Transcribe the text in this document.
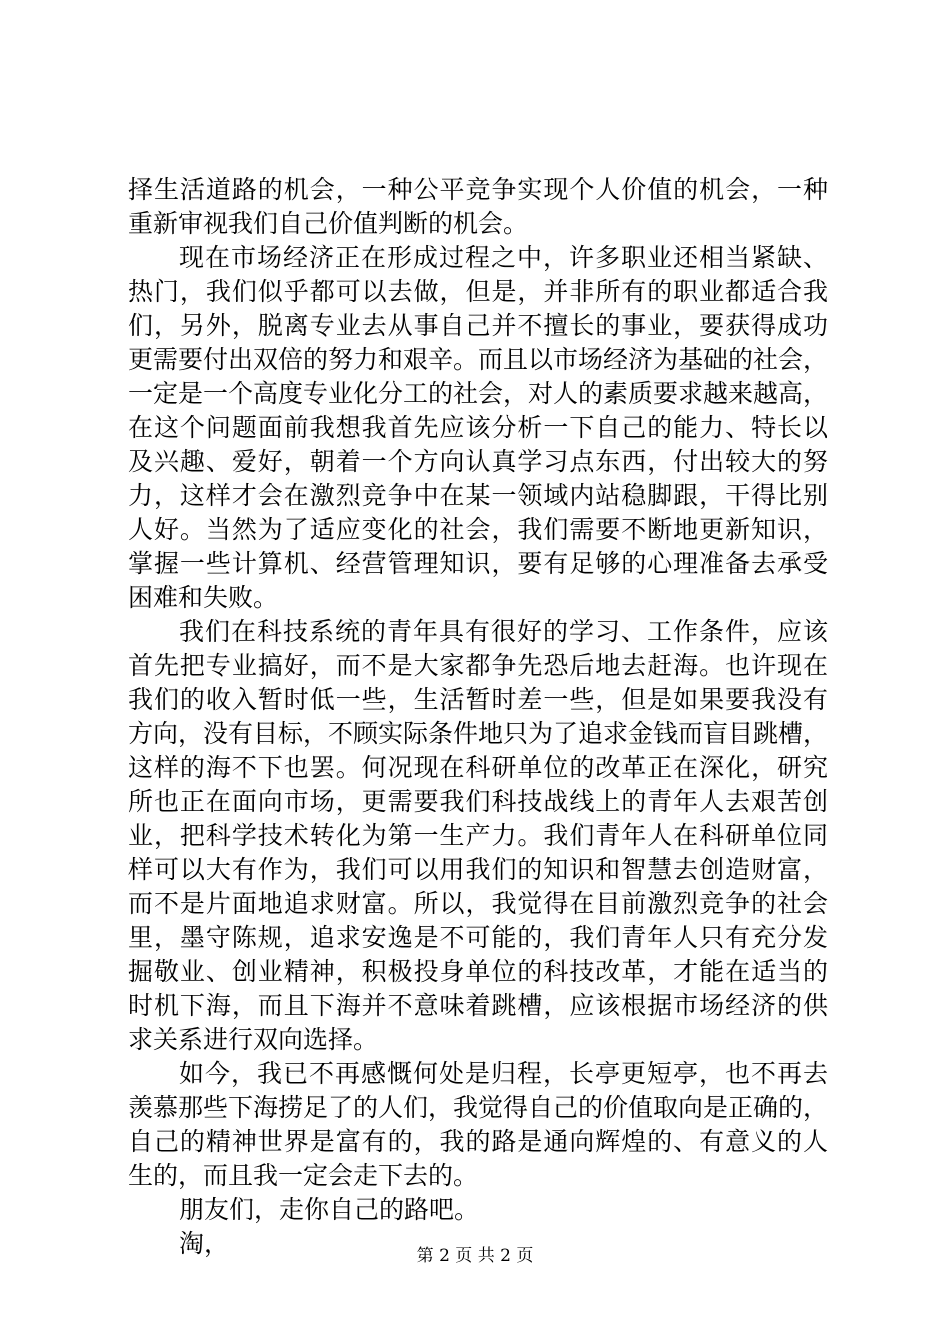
择生活道路的机会，一种公平竞争实现个人价值的机会，一种
重新审视我们自己价值判断的机会。
现在市场经济正在形成过程之中，许多职业还相当紧缺、
热门，我们似乎都可以去做，但是，并非所有的职业都适合我
们，另外，脱离专业去从事自己并不擅长的事业，要获得成功
更需要付出双倍的努力和艰辛。而且以市场经济为基础的社会，
一定是一个高度专业化分工的社会，对人的素质要求越来越高，
在这个问题面前我想我首先应该分析一下自己的能力、特长以
及兴趣、爱好，朝着一个方向认真学习点东西，付出较大的努
力，这样才会在激烈竞争中在某一领域内站稳脚跟，干得比别
人好。当然为了适应变化的社会，我们需要不断地更新知识，
掌握一些计算机、经营管理知识，要有足够的心理准备去承受
困难和失败。
我们在科技系统的青年具有很好的学习、工作条件，应该
首先把专业搞好，而不是大家都争先恐后地去赶海。也许现在
我们的收入暂时低一些，生活暂时差一些，但是如果要我没有
方向，没有目标，不顾实际条件地只为了追求金钱而盲目跳槽，
这样的海不下也罢。何况现在科研单位的改革正在深化，研究
所也正在面向市场，更需要我们科技战线上的青年人去艰苦创
业，把科学技术转化为第一生产力。我们青年人在科研单位同
样可以大有作为，我们可以用我们的知识和智慧去创造财富，
而不是片面地追求财富。所以，我觉得在目前激烈竞争的社会
里，墨守陈规，追求安逸是不可能的，我们青年人只有充分发
掘敬业、创业精神，积极投身单位的科技改革，才能在适当的
时机下海，而且下海并不意味着跳槽，应该根据市场经济的供
求关系进行双向选择。
如今，我已不再感慨何处是归程，长亭更短亭，也不再去
羡慕那些下海捞足了的人们，我觉得自己的价值取向是正确的，
自己的精神世界是富有的，我的路是通向辉煌的、有意义的人
生的，而且我一定会走下去的。
朋友们，走你自己的路吧。
淘，	第 2 页 共 2 页
